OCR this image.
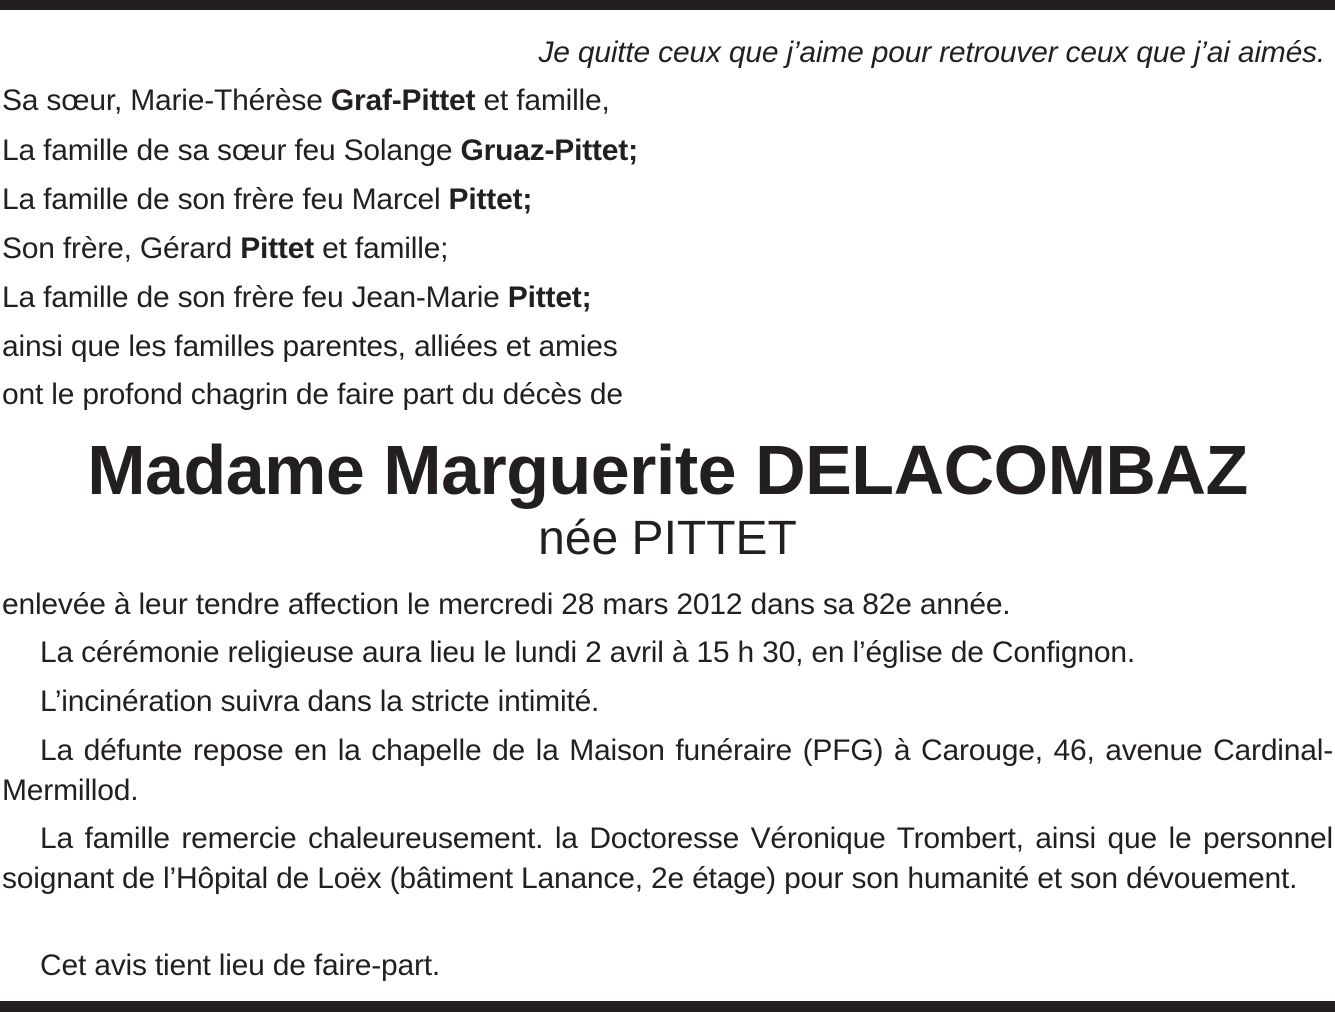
Je quitte ceux que j’aime pour retrouver ceux que j’ai aimés.
Sa sœur, Marie-Thérèse Graf-Pittet et famille,
La famille de sa sœur feu Solange Gruaz-Pittet;
La famille de son frère feu Marcel Pittet;
Son frère, Gérard Pittet et famille;
La famille de son frère feu Jean-Marie Pittet;
ainsi que les familles parentes, alliées et amies
ont le profond chagrin de faire part du décès de
Madame Marguerite DELACOMBAZ
née PITTET
enlevée à leur tendre affection le mercredi 28 mars 2012 dans sa 82e année.
La cérémonie religieuse aura lieu le lundi 2 avril à 15 h 30, en l’église de Confignon.
L’incinération suivra dans la stricte intimité.
La défunte repose en la chapelle de la Maison funéraire (PFG) à Carouge, 46, avenue Cardinal-Mermillod.
La famille remercie chaleureusement. la Doctoresse Véronique Trombert, ainsi que le personnel soignant de l’Hôpital de Loëx (bâtiment Lanance, 2e étage) pour son humanité et son dévouement.
Cet avis tient lieu de faire-part.
